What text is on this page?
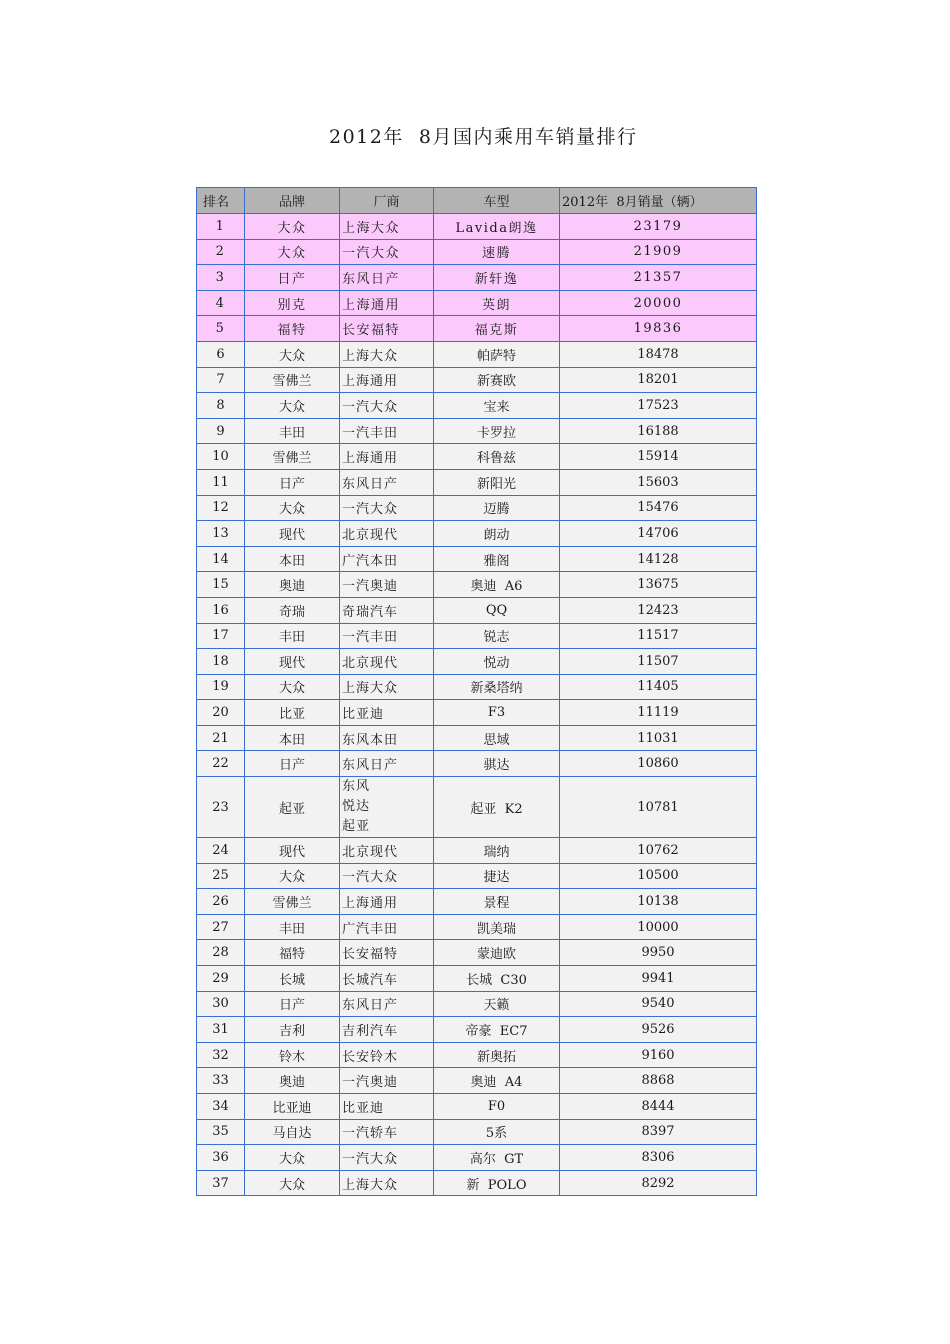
2012年  8月国内乘用车销量排行
排名	品牌	厂商	车型	2012年  8月销量（辆）
1	大众	上海大众	Lavida朗逸	23179
2	大众	一汽大众	速腾	21909
3	日产	东风日产	新轩逸	21357
4	别克	上海通用	英朗	20000
5	福特	长安福特	福克斯	19836
6	大众	上海大众	帕萨特	18478
7	雪佛兰	上海通用	新赛欧	18201
8	大众	一汽大众	宝来	17523
9	丰田	一汽丰田	卡罗拉	16188
10	雪佛兰	上海通用	科鲁兹	15914
11	日产	东风日产	新阳光	15603
12	大众	一汽大众	迈腾	15476
13	现代	北京现代	朗动	14706
14	本田	广汽本田	雅阁	14128
15	奥迪	一汽奥迪	奥迪  A6	13675
16	奇瑞	奇瑞汽车	QQ	12423
17	丰田	一汽丰田	锐志	11517
18	现代	北京现代	悦动	11507
19	大众	上海大众	新桑塔纳	11405
20	比亚	比亚迪	F3	11119
21	本田	东风本田	思域	11031
22	日产	东风日产	骐达	10860
23	起亚	东风悦达起亚	起亚  K2	10781
24	现代	北京现代	瑞纳	10762
25	大众	一汽大众	捷达	10500
26	雪佛兰	上海通用	景程	10138
27	丰田	广汽丰田	凯美瑞	10000
28	福特	长安福特	蒙迪欧	9950
29	长城	长城汽车	长城  C30	9941
30	日产	东风日产	天籁	9540
31	吉利	吉利汽车	帝豪  EC7	9526
32	铃木	长安铃木	新奥拓	9160
33	奥迪	一汽奥迪	奥迪  A4	8868
34	比亚迪	比亚迪	F0	8444
35	马自达	一汽轿车	5系	8397
36	大众	一汽大众	高尔  GT	8306
37	大众	上海大众	新  POLO	8292
